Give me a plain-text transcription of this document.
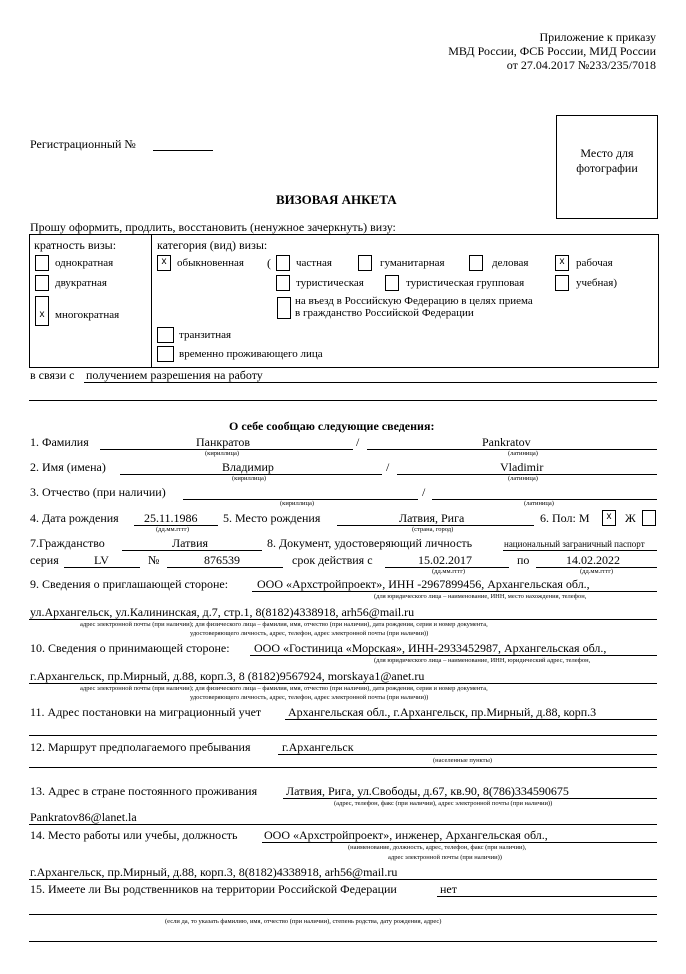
Приложение к приказу
МВД России, ФСБ России, МИД России
от 27.04.2017 №233/235/7018
Регистрационный №
Место для фотографии
ВИЗОВАЯ АНКЕТА
Прошу оформить, продлить, восстановить (ненужное зачеркнуть) визу:
кратность визы:
однократная
двукратная
x многократная
категория (вид) визы:
x обыкновенная ( частная	гуманитарная	деловая	x	рабочая
туристическая	туристическая групповая	учебная)
на въезд в Российскую Федерацию в целях приема
в гражданство Российской Федерации
транзитная
временно проживающего лица
в связи с получением разрешения на работу
О себе сообщаю следующие сведения:
1. Фамилия	Панкратов	/	Pankratov
(кириллица)	(латиница)
2. Имя (имена)	Владимир	/	Vladimir
(кириллица)	(латиница)
3. Отчество (при наличии)	/
(кириллица)	(латиница)
4. Дата рождения 25.11.1986
(дд.мм.гггг)
5. Место рождения	Латвия, Рига
(страна, город)
6. Пол: М	x	Ж
7.Гражданство	Латвия	8. Документ, удостоверяющий личность	национальный заграничный паспорт
серия	LV	№	876539	срок действия с	15.02.2017
(дд.мм.гггг)
по	14.02.2022
(дд.мм.гггг)
9. Сведения о приглашающей стороне: ООО «Архстройпроект», ИНН -2967899456, Архангельская обл.,
(для юридического лица – наименование, ИНН, место нахождения, телефон,
ул.Архангельск, ул.Калининская, д.7, стр.1, 8(8182)4338918, arh56@mail.ru
адрес электронной почты (при наличии); для физического лица – фамилия, имя, отчество (при наличии), дата рождения, серия и номер документа,
удостоверяющего личность, адрес, телефон, адрес электронной почты (при наличии))
10. Сведения о принимающей стороне: ООО «Гостиница «Морская», ИНН-2933452987, Архангельская обл.,
(для юридического лица – наименование, ИНН, юридический адрес, телефон,
г.Архангельск, пр.Мирный, д.88, корп.3, 8 (8182)9567924, morskaya1@anet.ru
адрес электронной почты (при наличии); для физического лица – фамилия, имя, отчество (при наличии), дата рождения, серия и номер документа,
удостоверяющего личность, адрес, телефон, адрес электронной почты (при наличии))
11. Адрес постановки на миграционный учет Архангельская обл., г.Архангельск, пр.Мирный, д.88, корп.3
12. Маршрут предполагаемого пребывания	г.Архангельск
(населенные пункты)
13. Адрес в стране постоянного проживания Латвия, Рига, ул.Свободы, д.67, кв.90, 8(786)334590675
(адрес, телефон, факс (при наличии), адрес электронной почты (при наличии))
Pankratov86@lanet.la
14. Место работы или учебы, должность ООО «Архстройпроект», инженер, Архангельская обл.,
(наименование, должность, адрес, телефон, факс (при наличии),
адрес электронной почты (при наличии))
г.Архангельск, пр.Мирный, д.88, корп.3, 8(8182)4338918, arh56@mail.ru
15. Имеете ли Вы родственников на территории Российской Федерации	нет
(если да, то указать фамилию, имя, отчество (при наличии), степень родства, дату рождения, адрес)
